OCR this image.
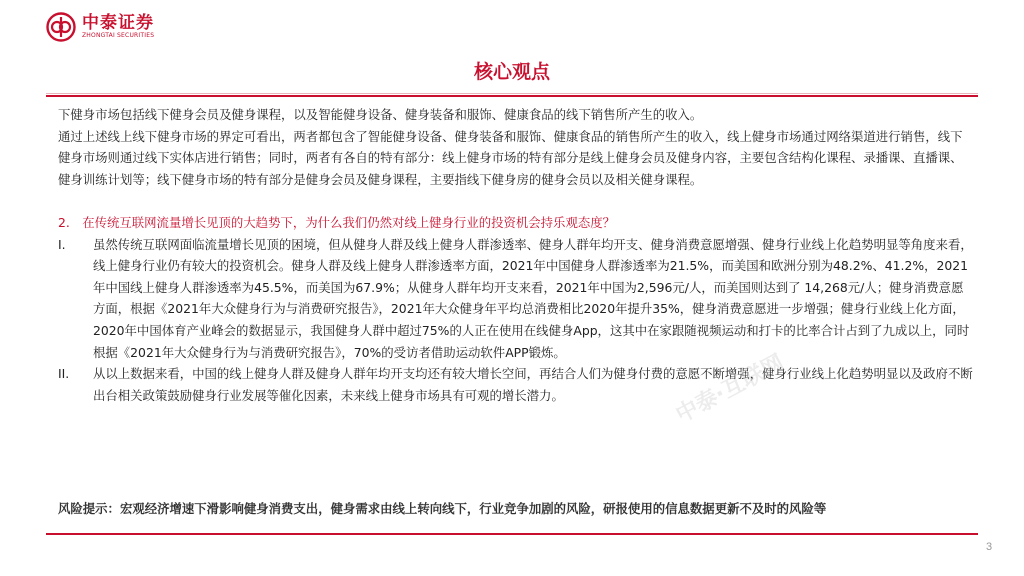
中泰证券
ZHONGTAI SECURITIES
核心观点

下健身市场包括线下健身会员及健身课程，以及智能健身设备、健身装备和服饰、健康食品的线下销售所产生的收入。

通过上述线上线下健身市场的界定可看出，两者都包含了智能健身设备、健身装备和服饰、健康食品的销售所产生的收入，线上健身市场通过网络渠道进行销售，线下健身市场则通过线下实体店进行销售；同时，两者有各自的特有部分：线上健身市场的特有部分是线上健身会员及健身内容，主要包含结构化课程、录播课、直播课、健身训练计划等；线下健身市场的特有部分是健身会员及健身课程，主要指线下健身房的健身会员以及相关健身课程。

2.　在传统互联网流量增长见顶的大趋势下，为什么我们仍然对线上健身行业的投资机会持乐观态度？

I. 虽然传统互联网面临流量增长见顶的困境，但从健身人群及线上健身人群渗透率、健身人群年均开支、健身消费意愿增强、健身行业线上化趋势明显等角度来看，线上健身行业仍有较大的投资机会。健身人群及线上健身人群渗透率方面，2021年中国健身人群渗透率为21.5%，而美国和欧洲分别为48.2%、41.2%，2021年中国线上健身人群渗透率为45.5%，而美国为67.9%；从健身人群年均开支来看，2021年中国为2,596元/人，而美国则达到了 14,268元/人；健身消费意愿方面，根据《2021年大众健身行为与消费研究报告》，2021年大众健身年平均总消费相比2020年提升35%，健身消费意愿进一步增强；健身行业线上化方面，2020年中国体育产业峰会的数据显示，我国健身人群中超过75%的人正在使用在线健身App，这其中在家跟随视频运动和打卡的比率合计占到了九成以上，同时根据《2021年大众健身行为与消费研究报告》，70%的受访者借助运动软件APP锻炼。
II. 从以上数据来看，中国的线上健身人群及健身人群年均开支均还有较大增长空间，再结合人们为健身付费的意愿不断增强，健身行业线上化趋势明显以及政府不断出台相关政策鼓励健身行业发展等催化因素，未来线上健身市场具有可观的增长潜力。	中泰·互联网
风险提示：宏观经济增速下滑影响健身消费支出，健身需求由线上转向线下，行业竞争加剧的风险，研报使用的信息数据更新不及时的风险等
3
